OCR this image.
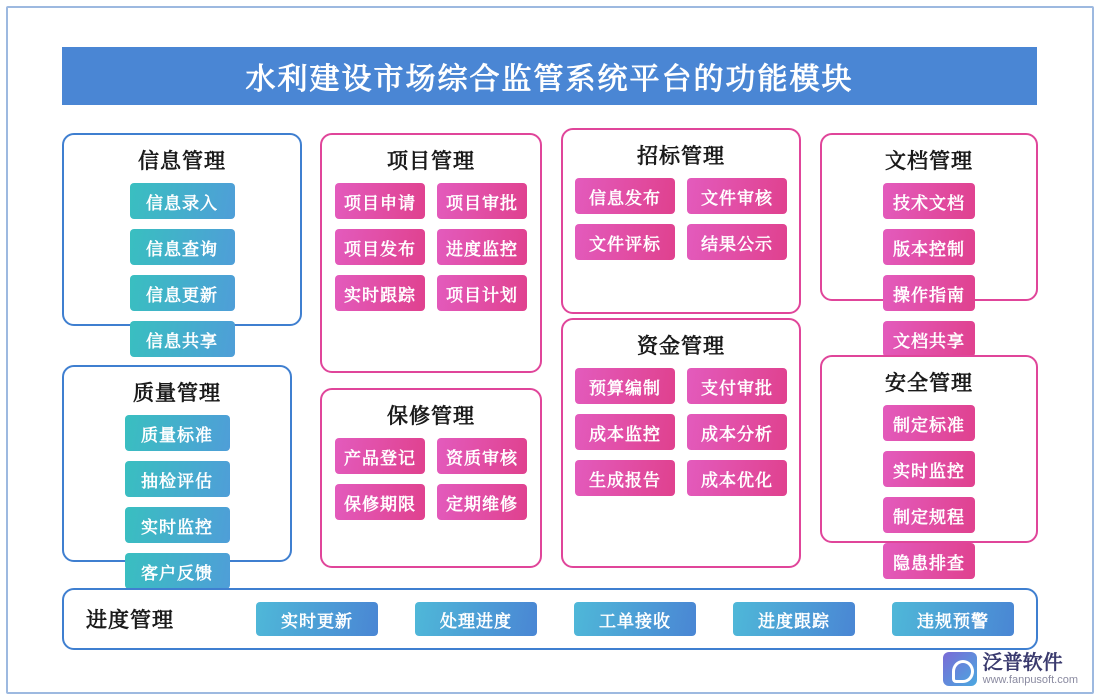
水利建设市场综合监管系统平台的功能模块
信息管理
信息录入
信息查询
信息更新
信息共享
项目管理
项目申请	项目审批
项目发布	进度监控
实时跟踪	项目计划
招标管理
信息发布	文件审核
文件评标	结果公示
文档管理
技术文档
版本控制
操作指南
文档共享
质量管理
质量标准
抽检评估
实时监控
客户反馈
保修管理
产品登记	资质审核
保修期限	定期维修
资金管理
预算编制	支付审批
成本监控	成本分析
生成报告	成本优化
安全管理
制定标准
实时监控
制定规程
隐患排查
进度管理	实时更新	处理进度	工单接收	进度跟踪	违规预警
泛普软件
www.fanpusoft.com
